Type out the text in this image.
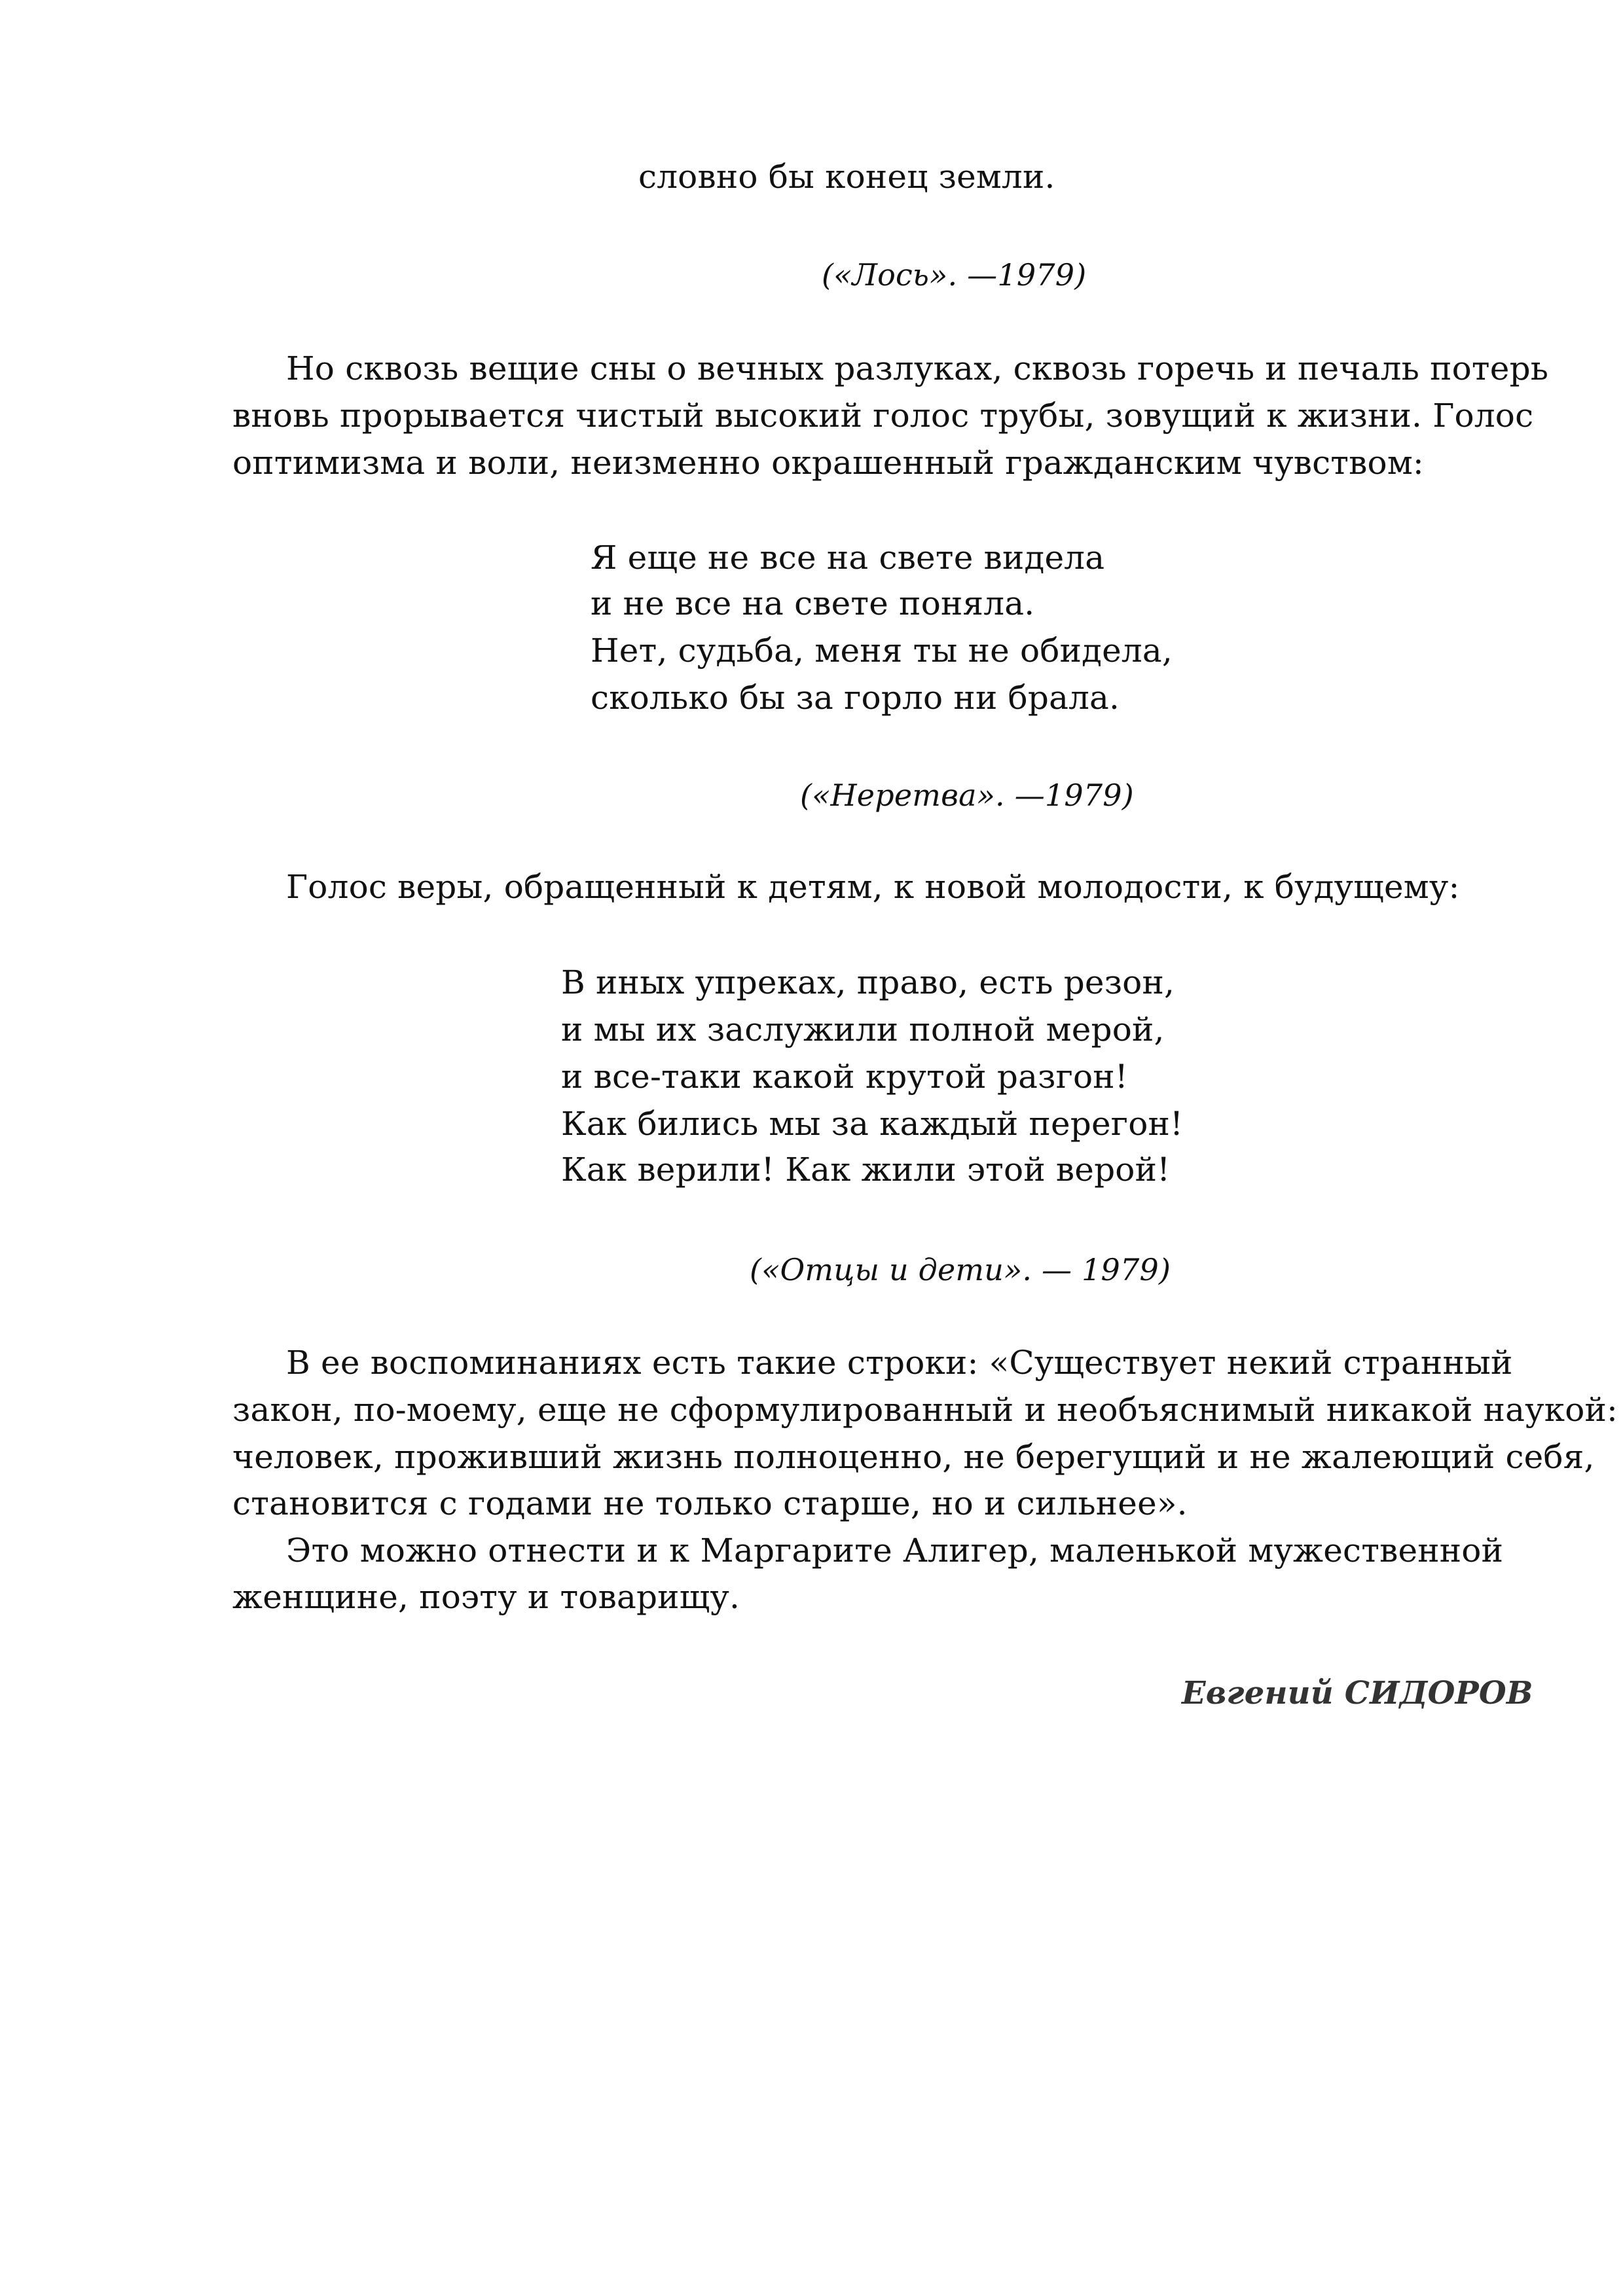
словно бы конец земли.
(«Лось». —1979)
Но сквозь вещие сны о вечных разлуках, сквозь горечь и печаль потерь
вновь прорывается чистый высокий голос трубы, зовущий к жизни. Голос
оптимизма и воли, неизменно окрашенный гражданским чувством:
Я еще не все на свете видела
и не все на свете поняла.
Нет, судьба, меня ты не обидела,
сколько бы за горло ни брала.
(«Неретва». —1979)
Голос веры, обращенный к детям, к новой молодости, к будущему:
В иных упреках, право, есть резон,
и мы их заслужили полной мерой,
и все-таки какой крутой разгон!
Как бились мы за каждый перегон!
Как верили! Как жили этой верой!
(«Отцы и дети». — 1979)
В ее воспоминаниях есть такие строки: «Существует некий странный
закон, по-моему, еще не сформулированный и необъяснимый никакой наукой:
человек, проживший жизнь полноценно, не берегущий и не жалеющий себя,
становится с годами не только старше, но и сильнее».
Это можно отнести и к Маргарите Алигер, маленькой мужественной
женщине, поэту и товарищу.
Евгений СИДОРОВ
